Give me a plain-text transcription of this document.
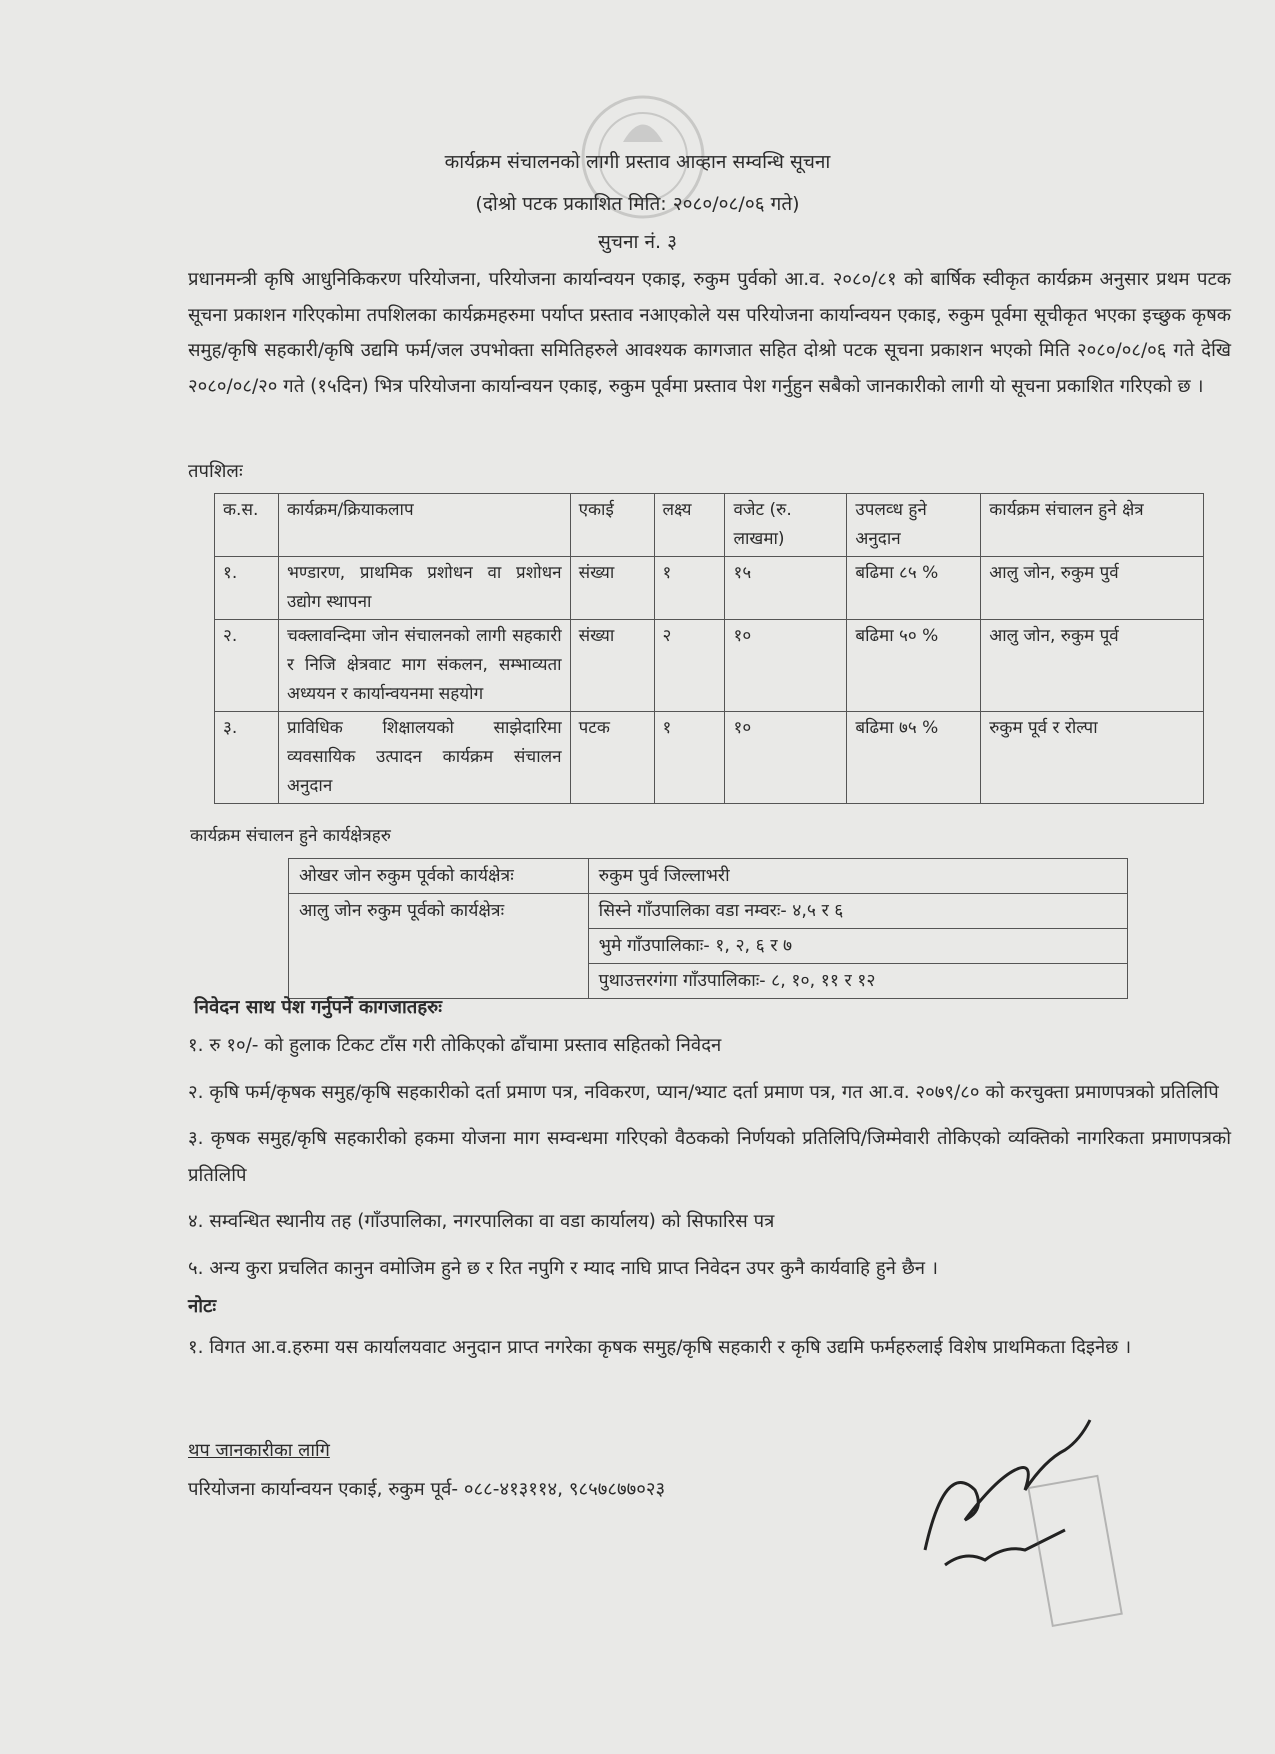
कार्यक्रम संचालनको लागी प्रस्ताव आव्हान सम्वन्धि सूचना
(दोश्रो पटक प्रकाशित मिति: २०८०/०८/०६ गते)
सुचना नं. ३
प्रधानमन्त्री कृषि आधुनिकिकरण परियोजना, परियोजना कार्यान्वयन एकाइ, रुकुम पुर्वको आ.व. २०८०/८१ को बार्षिक स्वीकृत कार्यक्रम अनुसार प्रथम पटक सूचना प्रकाशन गरिएकोमा तपशिलका कार्यक्रमहरुमा पर्याप्त प्रस्ताव नआएकोले यस परियोजना कार्यान्वयन एकाइ, रुकुम पूर्वमा सूचीकृत भएका इच्छुक कृषक समुह/कृषि सहकारी/कृषि उद्यमि फर्म/जल उपभोक्ता समितिहरुले आवश्यक कागजात सहित दोश्रो पटक सूचना प्रकाशन भएको मिति २०८०/०८/०६ गते देखि २०८०/०८/२० गते (१५दिन) भित्र परियोजना कार्यान्वयन एकाइ, रुकुम पूर्वमा प्रस्ताव पेश गर्नुहुन सबैको जानकारीको लागी यो सूचना प्रकाशित गरिएको छ ।
तपशिलः
क.स.	कार्यक्रम/क्रियाकलाप	एकाई	लक्ष्य	वजेट (रु. लाखमा)	उपलव्ध हुने अनुदान	कार्यक्रम संचालन हुने क्षेत्र
१.	भण्डारण, प्राथमिक प्रशोधन वा प्रशोधन उद्योग स्थापना	संख्या	१	१५	बढिमा ८५ %	आलु जोन, रुकुम पुर्व
२.	चक्लावन्दिमा जोन संचालनको लागी सहकारी र निजि क्षेत्रवाट माग संकलन, सम्भाव्यता अध्ययन र कार्यान्वयनमा सहयोग	संख्या	२	१०	बढिमा ५० %	आलु जोन, रुकुम पूर्व
३.	प्राविधिक शिक्षालयको साझेदारिमा व्यवसायिक उत्पादन कार्यक्रम संचालन अनुदान	पटक	१	१०	बढिमा ७५ %	रुकुम पूर्व र रोल्पा
कार्यक्रम संचालन हुने कार्यक्षेत्रहरु
ओखर जोन रुकुम पूर्वको कार्यक्षेत्रः	रुकुम पुर्व जिल्लाभरी

आलु जोन रुकुम पूर्वको कार्यक्षेत्रः	सिस्ने गाँउपालिका वडा नम्वरः- ४,५ र ६
भुमे गाँउपालिकाः- १, २, ६ र ७
पुथाउत्तरगंगा गाँउपालिकाः- ८, १०, ११ र १२
निवेदन साथ पेश गर्नुपर्ने कागजातहरुः

१. रु १०/- को हुलाक टिकट टाँस गरी तोकिएको ढाँचामा प्रस्ताव सहितको निवेदन

२. कृषि फर्म/कृषक समुह/कृषि सहकारीको दर्ता प्रमाण पत्र, नविकरण, प्यान/भ्याट दर्ता प्रमाण पत्र, गत आ.व. २०७९/८० को करचुक्ता प्रमाणपत्रको प्रतिलिपि

३. कृषक समुह/कृषि सहकारीको हकमा योजना माग सम्वन्धमा गरिएको वैठकको निर्णयको प्रतिलिपि/जिम्मेवारी तोकिएको व्यक्तिको नागरिकता प्रमाणपत्रको प्रतिलिपि

४. सम्वन्धित स्थानीय तह (गाँउपालिका, नगरपालिका वा वडा कार्यालय) को सिफारिस पत्र

५. अन्य कुरा प्रचलित कानुन वमोजिम हुने छ र रित नपुगि र म्याद नाघि प्राप्त निवेदन उपर कुनै कार्यवाहि हुने छैन ।

नोटः

१. विगत आ.व.हरुमा यस कार्यालयवाट अनुदान प्राप्त नगरेका कृषक समुह/कृषि सहकारी र कृषि उद्यमि फर्महरुलाई विशेष प्राथमिकता दिइनेछ ।

थप जानकारीका लागि
परियोजना कार्यान्वयन एकाई, रुकुम पूर्व- ०८८-४१३११४, ९८५७८७७०२३
